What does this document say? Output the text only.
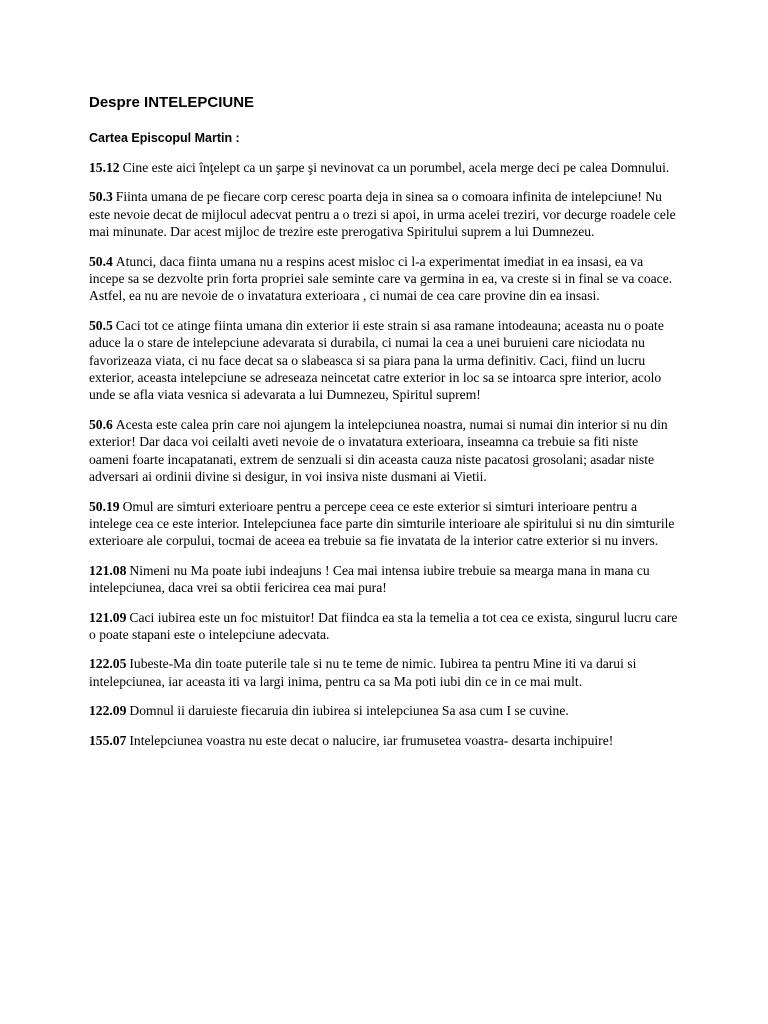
Despre INTELEPCIUNE
Cartea Episcopul Martin :

15.12 Cine este aici înţelept ca un şarpe şi nevinovat ca un porumbel, acela merge deci pe calea Domnului.

50.3 Fiinta umana de pe fiecare corp ceresc poarta deja in sinea sa o comoara infinita de intelepciune! Nu este nevoie decat de mijlocul adecvat pentru a o trezi si apoi, in urma acelei treziri, vor decurge roadele cele mai minunate. Dar acest mijloc de trezire este prerogativa Spiritului suprem a lui Dumnezeu.

50.4 Atunci, daca fiinta umana nu a respins acest misloc ci l-a experimentat imediat in ea insasi, ea va incepe sa se dezvolte prin forta propriei sale seminte care va germina in ea, va creste si in final se va coace. Astfel, ea nu are nevoie de o invatatura exterioara , ci numai de cea care provine din ea insasi.

50.5 Caci tot ce atinge fiinta umana din exterior ii este strain si asa ramane intodeauna; aceasta nu o poate aduce la o stare de intelepciune adevarata si durabila, ci numai la cea a unei buruieni care niciodata nu favorizeaza viata, ci nu face decat sa o slabeasca si sa piara pana la urma definitiv. Caci, fiind un lucru exterior, aceasta intelepciune se adreseaza neincetat catre exterior in loc sa se intoarca spre interior, acolo unde se afla viata vesnica si adevarata a lui Dumnezeu, Spiritul suprem!

50.6 Acesta este calea prin care noi ajungem la intelepciunea noastra, numai si numai din interior si nu din exterior! Dar daca voi ceilalti aveti nevoie de o invatatura exterioara, inseamna ca trebuie sa fiti niste oameni foarte incapatanati, extrem de senzuali si din aceasta cauza niste pacatosi grosolani; asadar niste adversari ai ordinii divine si desigur, in voi insiva niste dusmani ai Vietii.

50.19 Omul are simturi exterioare pentru a percepe ceea ce este exterior si simturi interioare pentru a intelege cea ce este interior. Intelepciunea face parte din simturile interioare ale spiritului si nu din simturile exterioare ale corpului, tocmai de aceea ea trebuie sa fie invatata de la interior catre exterior si nu invers.

121.08 Nimeni nu Ma poate iubi indeajuns ! Cea mai intensa iubire trebuie sa mearga mana in mana cu intelepciunea, daca vrei sa obtii fericirea cea mai pura!

121.09 Caci iubirea este un foc mistuitor! Dat fiindca ea sta la temelia a tot cea ce exista, singurul lucru care o poate stapani este o intelepciune adecvata.

122.05 Iubeste-Ma din toate puterile tale si nu te teme de nimic. Iubirea ta pentru Mine iti va darui si intelepciunea, iar aceasta iti va largi inima, pentru ca sa Ma poti iubi din ce in ce mai mult.

122.09 Domnul ii daruieste fiecaruia din iubirea si intelepciunea Sa asa cum I se cuvine.

155.07 Intelepciunea voastra nu este decat o nalucire, iar frumusetea voastra- desarta inchipuire!
